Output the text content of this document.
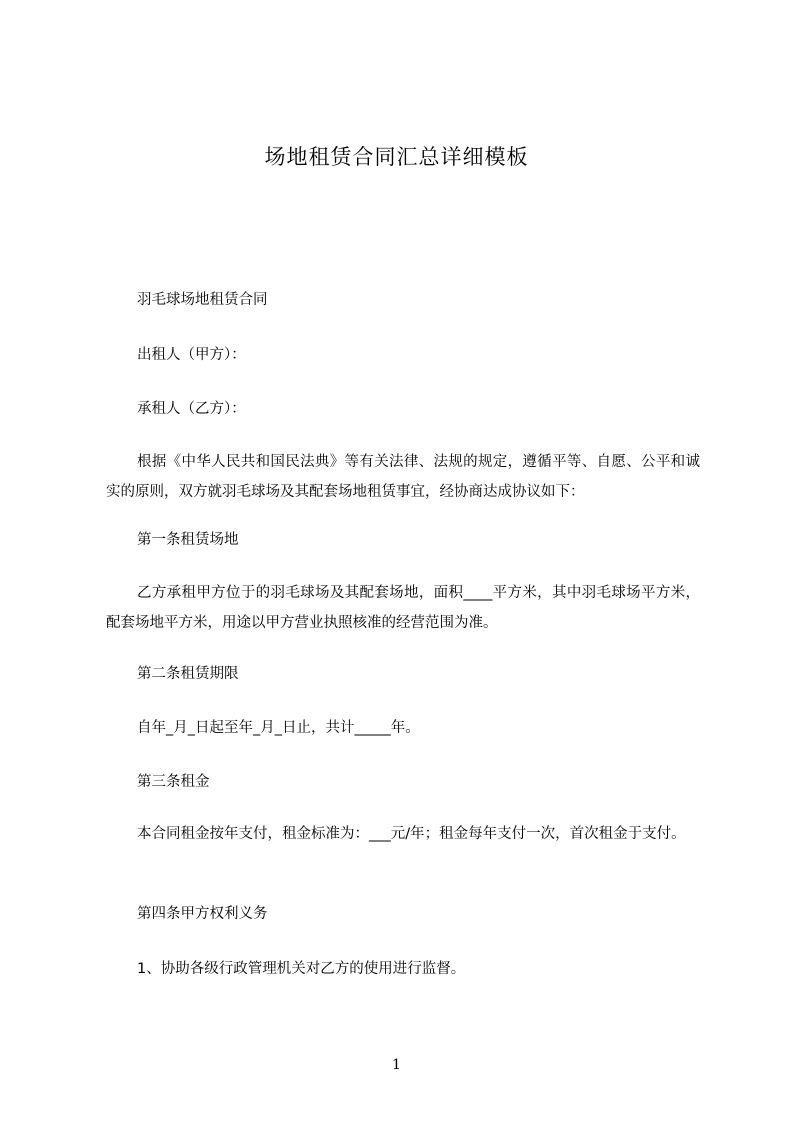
场地租赁合同汇总详细模板
羽毛球场地租赁合同
出租人（甲方）：
承租人（乙方）：
根据《中华人民共和国民法典》等有关法律、法规的规定，遵循平等、自愿、公平和诚实的原则，双方就羽毛球场及其配套场地租赁事宜，经协商达成协议如下：
第一条租赁场地
乙方承租甲方位于的羽毛球场及其配套场地，面积____平方米，其中羽毛球场平方米，配套场地平方米，用途以甲方营业执照核准的经营范围为准。
第二条租赁期限
自年_月_日起至年_月_日止，共计_____年。
第三条租金
本合同租金按年支付，租金标准为：___元/年；租金每年支付一次，首次租金于支付。
第四条甲方权利义务
1、协助各级行政管理机关对乙方的使用进行监督。
1
